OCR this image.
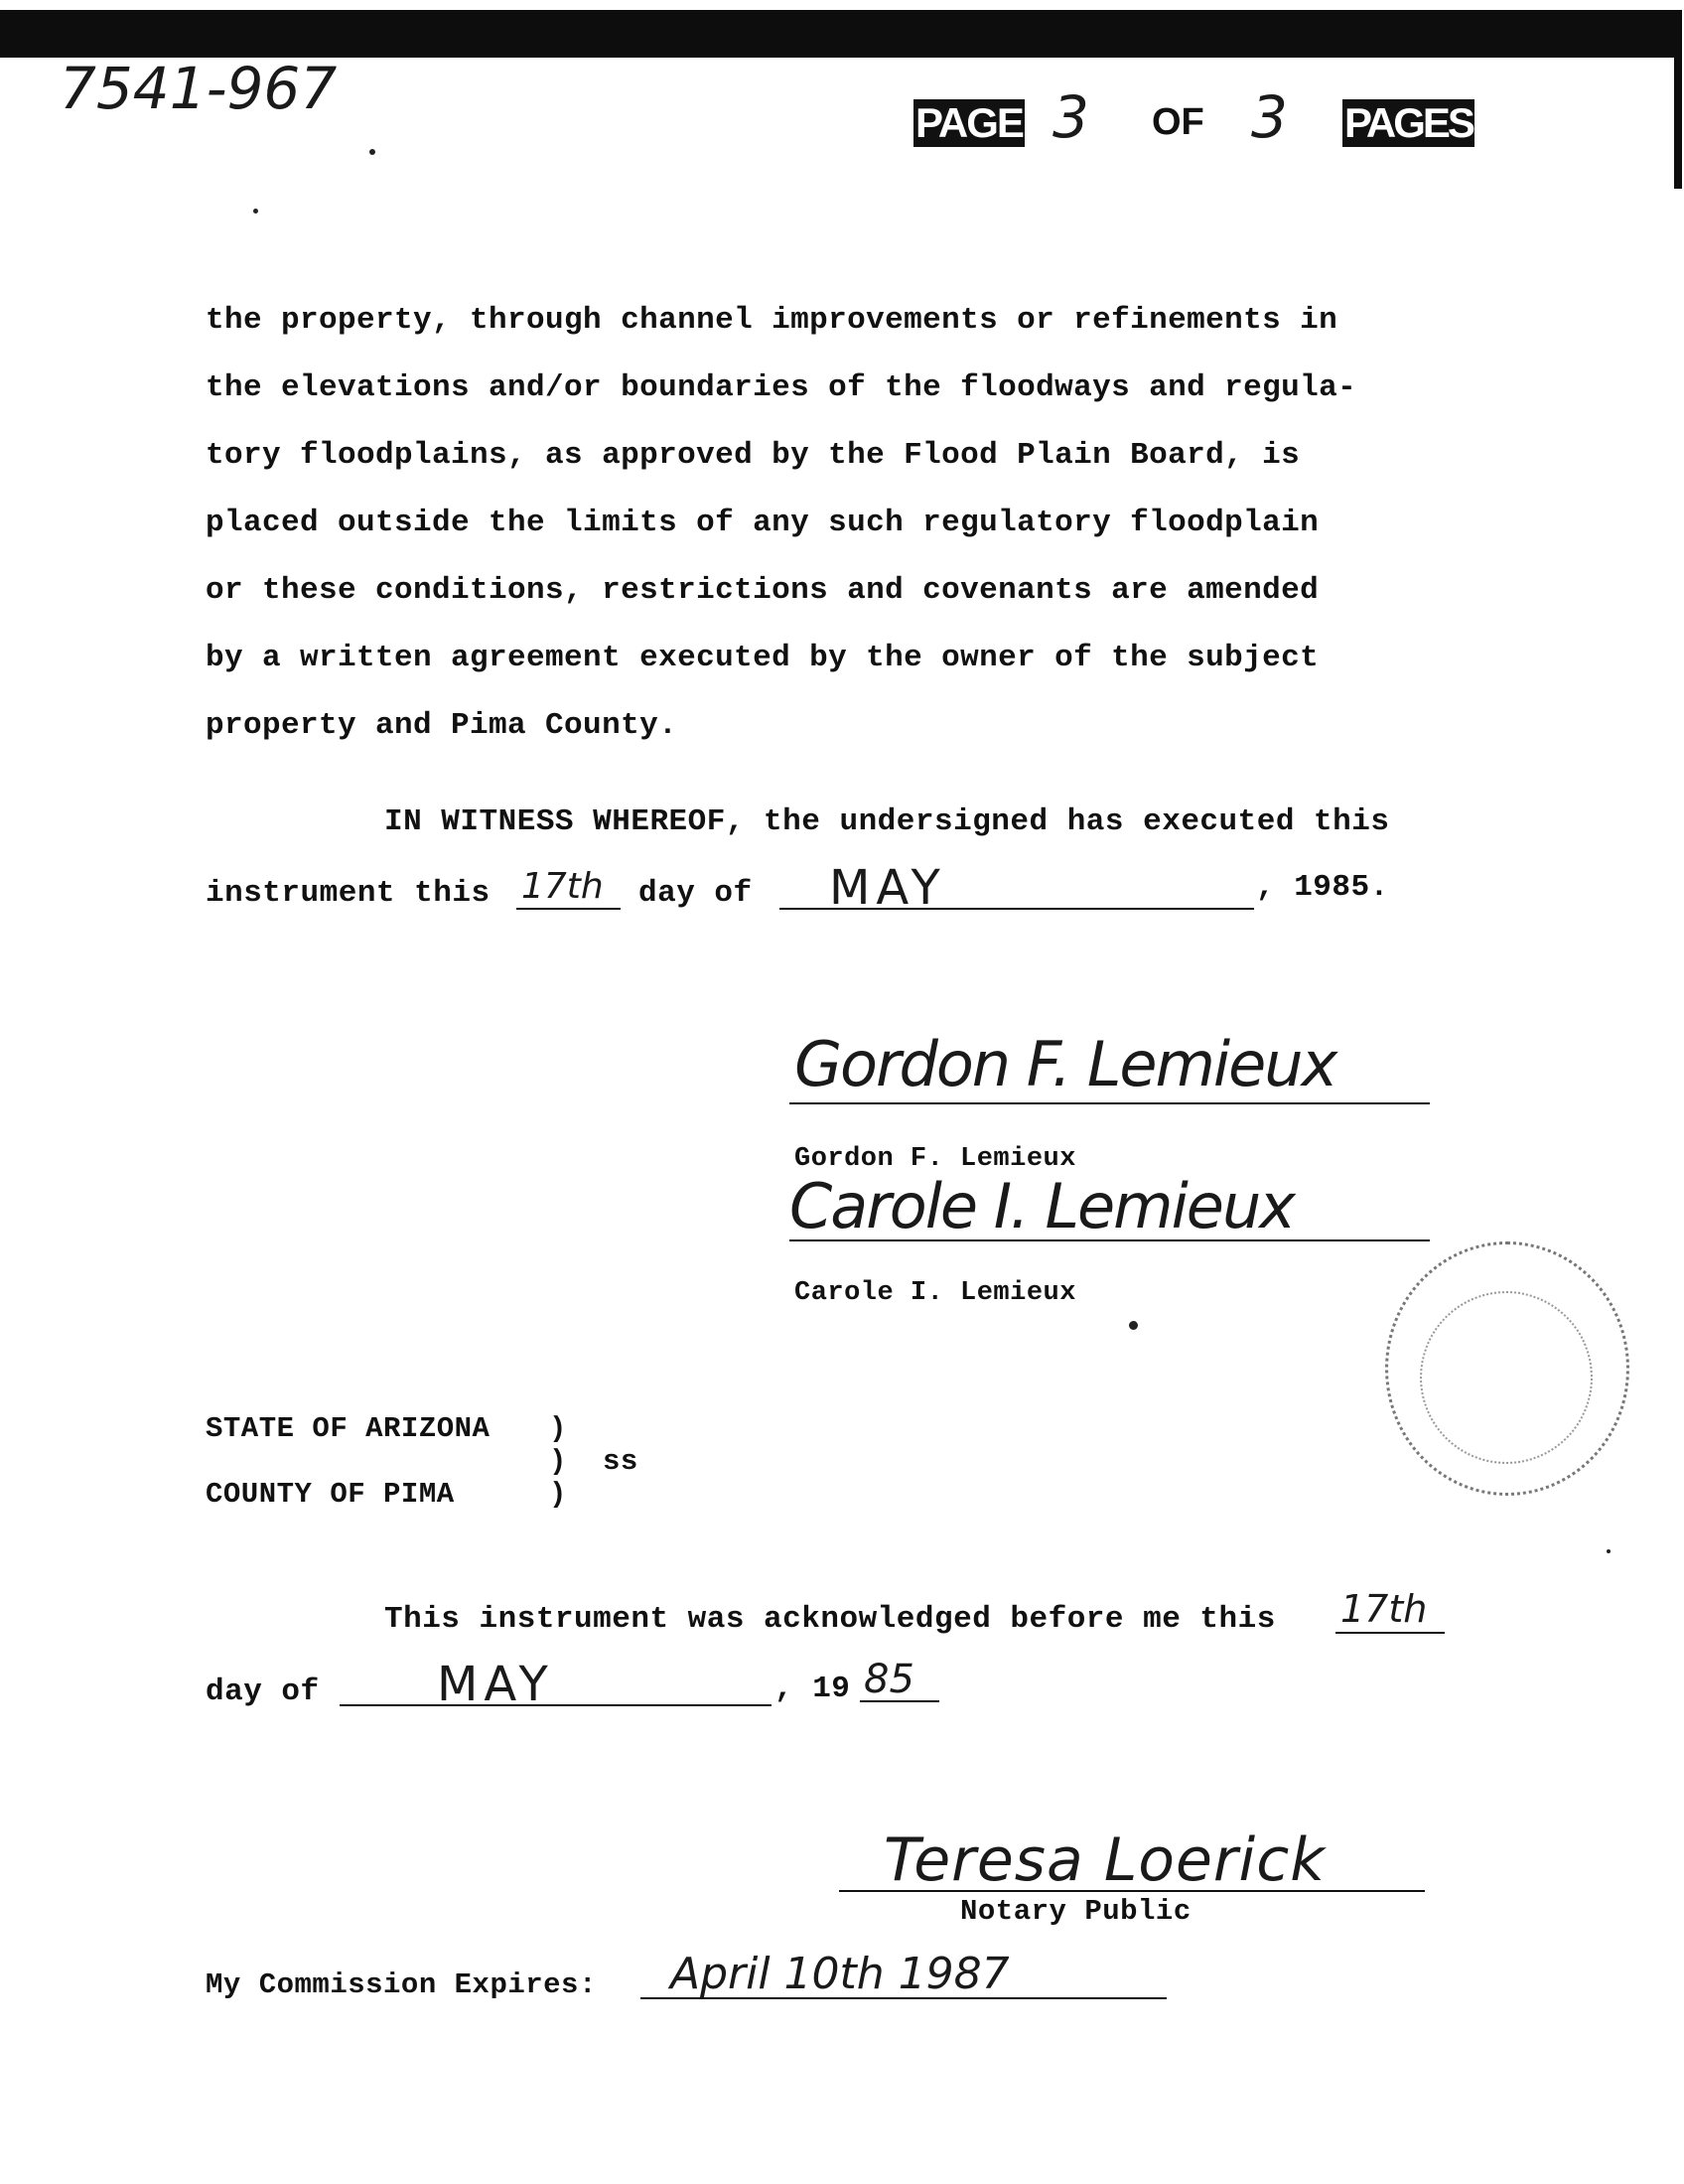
7541-967
PAGE 3 OF 3 PAGES
the property, through channel improvements or refinements in
the elevations and/or boundaries of the floodways and regula-
tory floodplains, as approved by the Flood Plain Board, is
placed outside the limits of any such regulatory floodplain
or these conditions, restrictions and covenants are amended
by a written agreement executed by the owner of the subject
property and Pima County.
IN WITNESS WHEREOF, the undersigned has executed this
instrument this 17th day of MAY	, 1985.
Gordon F. Lemieux
Gordon F. Lemieux
Carole I. Lemieux
Carole I. Lemieux
STATE OF ARIZONA )
) ss
COUNTY OF PIMA	)
This instrument was acknowledged before me this 17th
day of MAY	, 19 85
Teresa Loerick
Notary Public
My Commission Expires: April 10th 1987
